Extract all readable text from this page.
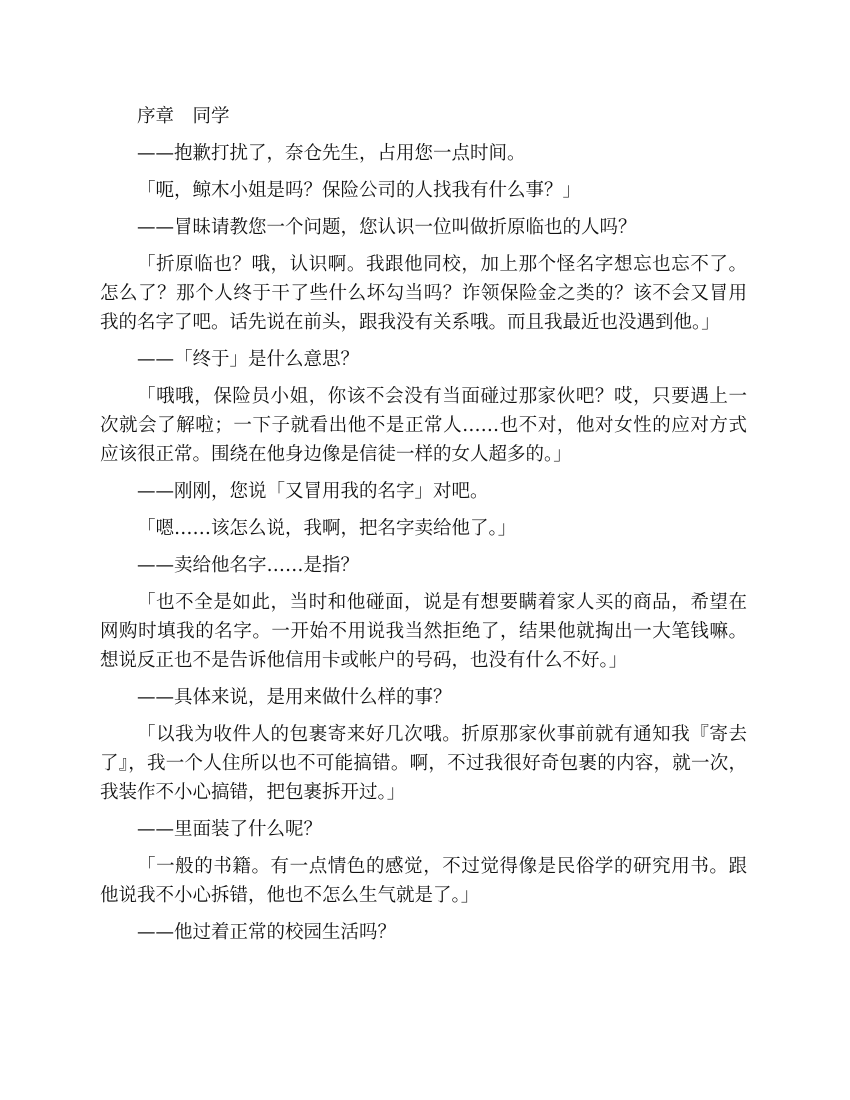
序章　同学

——抱歉打扰了，奈仓先生，占用您一点时间。

「呃，鲸木小姐是吗？保险公司的人找我有什么事？」

——冒昧请教您一个问题，您认识一位叫做折原临也的人吗？

「折原临也？哦，认识啊。我跟他同校，加上那个怪名字想忘也忘不了。怎么了？那个人终于干了些什么坏勾当吗？诈领保险金之类的？该不会又冒用我的名字了吧。话先说在前头，跟我没有关系哦。而且我最近也没遇到他。」

——「终于」是什么意思？

「哦哦，保险员小姐，你该不会没有当面碰过那家伙吧？哎，只要遇上一次就会了解啦；一下子就看出他不是正常人……也不对，他对女性的应对方式应该很正常。围绕在他身边像是信徒一样的女人超多的。」

——刚刚，您说「又冒用我的名字」对吧。

「嗯……该怎么说，我啊，把名字卖给他了。」

——卖给他名字……是指？

「也不全是如此，当时和他碰面，说是有想要瞒着家人买的商品，希望在网购时填我的名字。一开始不用说我当然拒绝了，结果他就掏出一大笔钱嘛。想说反正也不是告诉他信用卡或帐户的号码，也没有什么不好。」

——具体来说，是用来做什么样的事？

「以我为收件人的包裹寄来好几次哦。折原那家伙事前就有通知我『寄去了』，我一个人住所以也不可能搞错。啊，不过我很好奇包裹的内容，就一次，我装作不小心搞错，把包裹拆开过。」

——里面装了什么呢？

「一般的书籍。有一点情色的感觉，不过觉得像是民俗学的研究用书。跟他说我不小心拆错，他也不怎么生气就是了。」

——他过着正常的校园生活吗？
